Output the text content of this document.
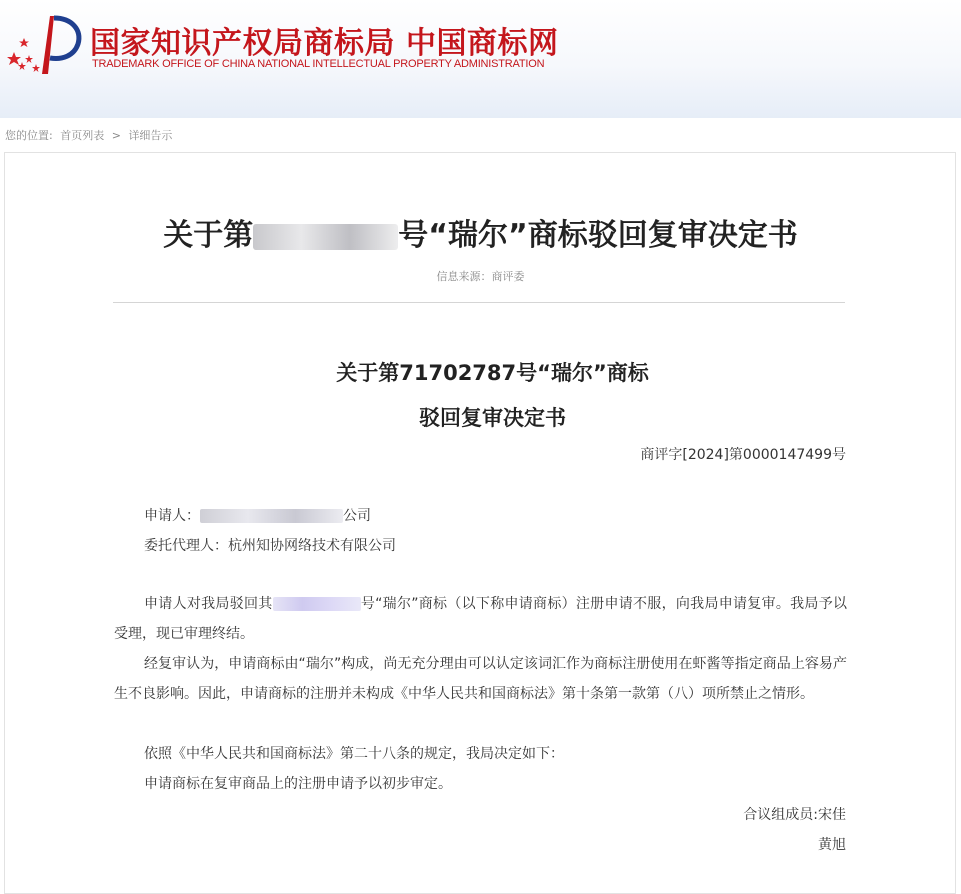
国家知识产权局商标局 中国商标网
TRADEMARK OFFICE OF CHINA NATIONAL INTELLECTUAL PROPERTY ADMINISTRATION
您的位置: 首页列表 > 详细告示
关于第	号“瑞尔”商标驳回复审决定书
信息来源：商评委
关于第71702787号“瑞尔”商标
驳回复审决定书
商评字[2024]第0000147499号
申请人：	公司
委托代理人：杭州知协网络技术有限公司
申请人对我局驳回其	号“瑞尔”商标（以下称申请商标）注册申请不服，向我局申请复审。我局予以受理，现已审理终结。
经复审认为，申请商标由“瑞尔”构成，尚无充分理由可以认定该词汇作为商标注册使用在虾酱等指定商品上容易产生不良影响。因此，申请商标的注册并未构成《中华人民共和国商标法》第十条第一款第（八）项所禁止之情形。
依照《中华人民共和国商标法》第二十八条的规定，我局决定如下：
申请商标在复审商品上的注册申请予以初步审定。
合议组成员:宋佳
黄旭
